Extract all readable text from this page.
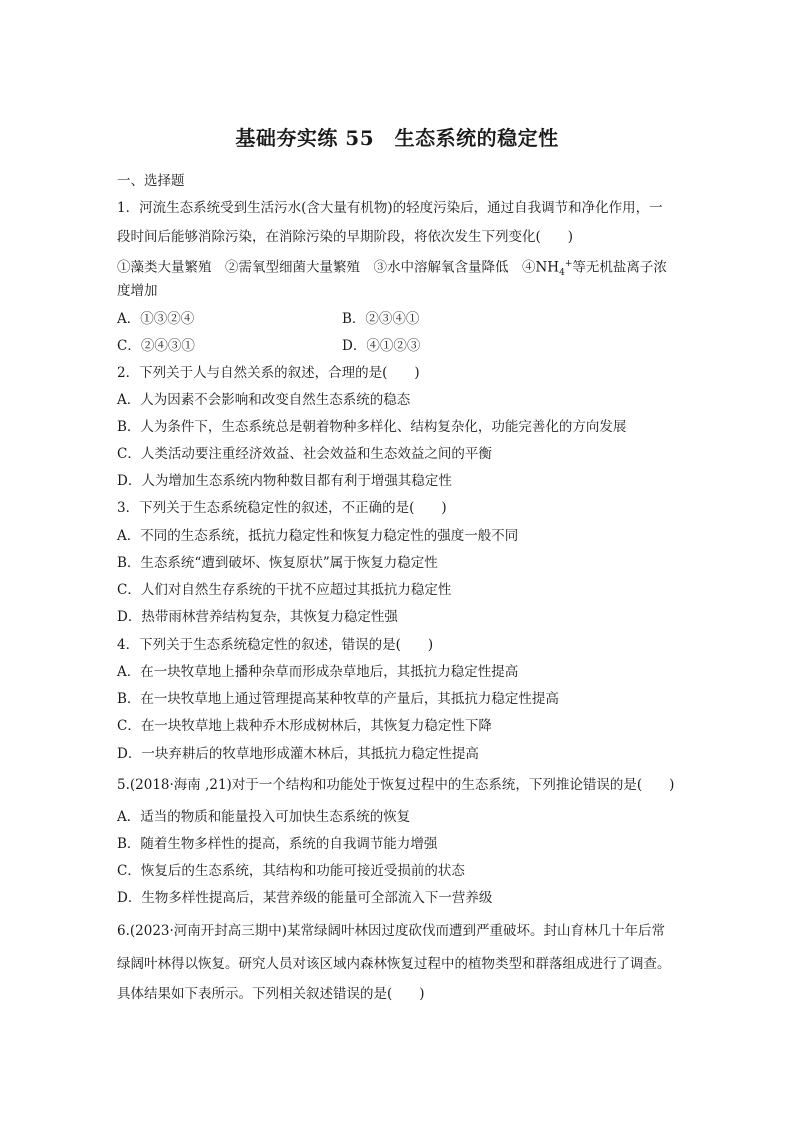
基础夯实练 55　生态系统的稳定性
一、选择题
1．河流生态系统受到生活污水(含大量有机物)的轻度污染后，通过自我调节和净化作用，一
段时间后能够消除污染，在消除污染的早期阶段，将依次发生下列变化(　　)
①藻类大量繁殖　②需氧型细菌大量繁殖　③水中溶解氧含量降低　$④NH_4^+$等无机盐离子浓
度增加
A．①③②④	B．②③④①
C．②④③①	D．④①②③
2．下列关于人与自然关系的叙述，合理的是(　　)
A．人为因素不会影响和改变自然生态系统的稳态
B．人为条件下，生态系统总是朝着物种多样化、结构复杂化，功能完善化的方向发展
C．人类活动要注重经济效益、社会效益和生态效益之间的平衡
D．人为增加生态系统内物种数目都有利于增强其稳定性
3．下列关于生态系统稳定性的叙述，不正确的是(　　)
A．不同的生态系统，抵抗力稳定性和恢复力稳定性的强度一般不同
B．生态系统“遭到破坏、恢复原状”属于恢复力稳定性
C．人们对自然生存系统的干扰不应超过其抵抗力稳定性
D．热带雨林营养结构复杂，其恢复力稳定性强
4．下列关于生态系统稳定性的叙述，错误的是(　　)
A．在一块牧草地上播种杂草而形成杂草地后，其抵抗力稳定性提高
B．在一块牧草地上通过管理提高某种牧草的产量后，其抵抗力稳定性提高
C．在一块牧草地上栽种乔木形成树林后，其恢复力稳定性下降
D．一块弃耕后的牧草地形成灌木林后，其抵抗力稳定性提高
5.(2018·海南 ,21)对于一个结构和功能处于恢复过程中的生态系统，下列推论错误的是(　　)
A．适当的物质和能量投入可加快生态系统的恢复
B．随着生物多样性的提高，系统的自我调节能力增强
C．恢复后的生态系统，其结构和功能可接近受损前的状态
D．生物多样性提高后，某营养级的能量可全部流入下一营养级
6.(2023·河南开封高三期中)某常绿阔叶林因过度砍伐而遭到严重破坏。封山育林几十年后常
绿阔叶林得以恢复。研究人员对该区域内森林恢复过程中的植物类型和群落组成进行了调查。
具体结果如下表所示。下列相关叙述错误的是(　　)
